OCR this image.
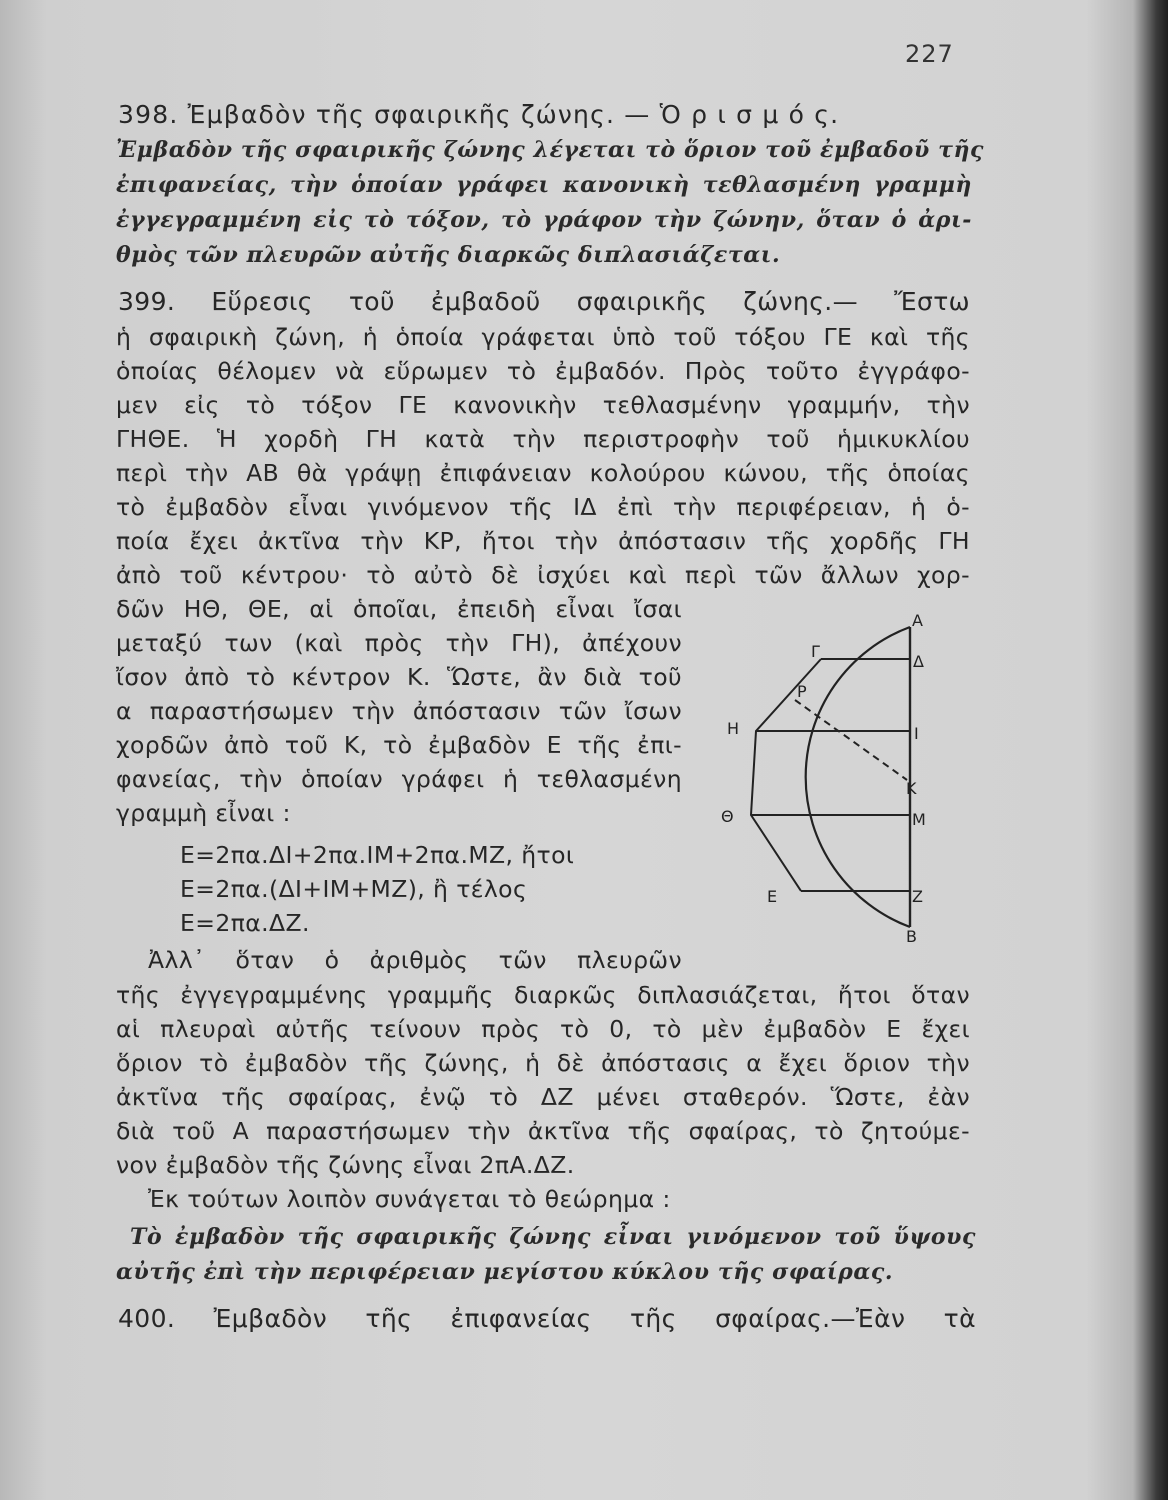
227
398. Ἐμβαδὸν τῆς σφαιρικῆς ζώνης. — Ὁ ρ ι σ μ ό ς.
Ἐμβαδὸν τῆς σφαιρικῆς ζώνης λέγεται τὸ ὅριον τοῦ ἐμβαδοῦ τῆς
ἐπιφανείας, τὴν ὁποίαν γράφει κανονικὴ τεθλασμένη γραμμὴ
ἐγγεγραμμένη εἰς τὸ τόξον, τὸ γράφον τὴν ζώνην, ὅταν ὁ ἀρι-
θμὸς τῶν πλευρῶν αὐτῆς διαρκῶς διπλασιάζεται.
399. Εὕρεσις τοῦ ἐμβαδοῦ σφαιρικῆς ζώνης.— Ἔστω
ἡ σφαιρικὴ ζώνη, ἡ ὁποία γράφεται ὑπὸ τοῦ τόξου ΓΕ καὶ τῆς
ὁποίας θέλομεν νὰ εὕρωμεν τὸ ἐμβαδόν. Πρὸς τοῦτο ἐγγράφο-
μεν εἰς τὸ τόξον ΓΕ κανονικὴν τεθλασμένην γραμμήν, τὴν
ΓΗΘΕ. Ἡ χορδὴ ΓΗ κατὰ τὴν περιστροφὴν τοῦ ἡμικυκλίου
περὶ τὴν ΑΒ θὰ γράψῃ ἐπιφάνειαν κολούρου κώνου, τῆς ὁποίας
τὸ ἐμβαδὸν εἶναι γινόμενον τῆς ΙΔ ἐπὶ τὴν περιφέρειαν, ἡ ὁ-
ποία ἔχει ἀκτῖνα τὴν ΚΡ, ἤτοι τὴν ἀπόστασιν τῆς χορδῆς ΓΗ
ἀπὸ τοῦ κέντρου· τὸ αὐτὸ δὲ ἰσχύει καὶ περὶ τῶν ἄλλων χορ-
δῶν ΗΘ, ΘΕ, αἱ ὁποῖαι, ἐπειδὴ εἶναι ἴσαι
μεταξύ των (καὶ πρὸς τὴν ΓΗ), ἀπέχουν
ἴσον ἀπὸ τὸ κέντρον Κ. Ὥστε, ἂν διὰ τοῦ
α παραστήσωμεν τὴν ἀπόστασιν τῶν ἴσων
χορδῶν ἀπὸ τοῦ Κ, τὸ ἐμβαδὸν Ε τῆς ἐπι-
φανείας, τὴν ὁποίαν γράφει ἡ τεθλασμένη
γραμμὴ εἶναι :
Ε=2πα.ΔΙ+2πα.ΙΜ+2πα.ΜΖ, ἤτοι
Ε=2πα.(ΔΙ+ΙΜ+ΜΖ), ἢ τέλος
Ε=2πα.ΔΖ.
Ἀλλ᾽ ὅταν ὁ ἀριθμὸς τῶν πλευρῶν
τῆς ἐγγεγραμμένης γραμμῆς διαρκῶς διπλασιάζεται, ἤτοι ὅταν
αἱ πλευραὶ αὐτῆς τείνουν πρὸς τὸ 0, τὸ μὲν ἐμβαδὸν Ε ἔχει
ὅριον τὸ ἐμβαδὸν τῆς ζώνης, ἡ δὲ ἀπόστασις α ἔχει ὅριον τὴν
ἀκτῖνα τῆς σφαίρας, ἐνῷ τὸ ΔΖ μένει σταθερόν. Ὥστε, ἐὰν
διὰ τοῦ Α παραστήσωμεν τὴν ἀκτῖνα τῆς σφαίρας, τὸ ζητούμε-
νον ἐμβαδὸν τῆς ζώνης εἶναι 2πΑ.ΔΖ.
Ἐκ τούτων λοιπὸν συνάγεται τὸ θεώρημα :
Τὸ ἐμβαδὸν τῆς σφαιρικῆς ζώνης εἶναι γινόμενον τοῦ ὕψους
αὐτῆς ἐπὶ τὴν περιφέρειαν μεγίστου κύκλου τῆς σφαίρας.
400. Ἐμβαδὸν τῆς ἐπιφανείας τῆς σφαίρας.—Ἐὰν τὰ
A
Γ
Δ
Ρ
Η	Ι
Κ
Θ	Μ
Ε	Ζ
Β
